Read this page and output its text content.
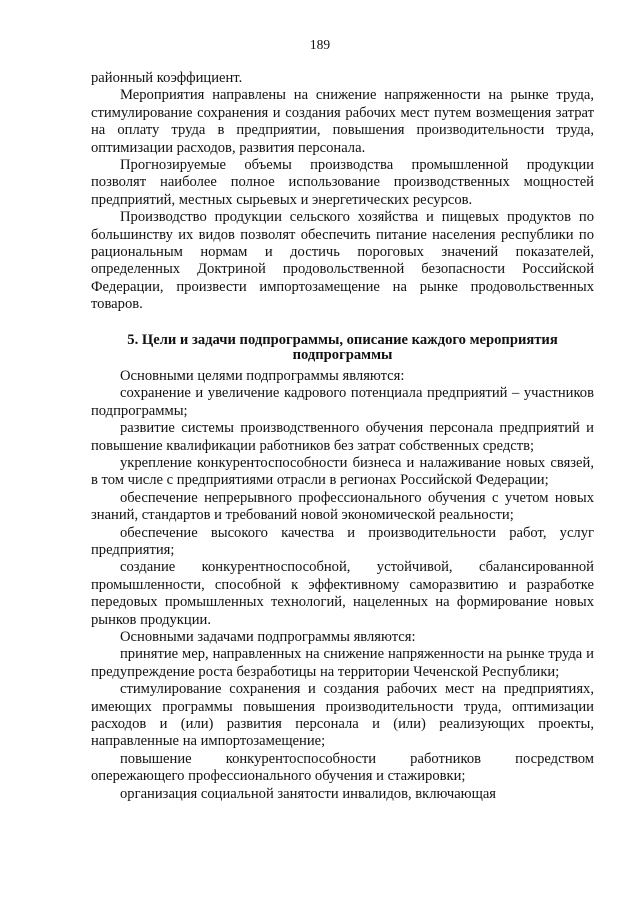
189

районный коэффициент.

Мероприятия направлены на снижение напряженности на рынке труда, стимулирование сохранения и создания рабочих мест путем возмещения затрат на оплату труда в предприятии, повышения производительности труда, оптимизации расходов, развития персонала.

Прогнозируемые объемы производства промышленной продукции позволят наиболее полное использование производственных мощностей предприятий, местных сырьевых и энергетических ресурсов.

Производство продукции сельского хозяйства и пищевых продуктов по большинству их видов позволят обеспечить питание населения республики по рациональным нормам и достичь пороговых значений показателей, определенных Доктриной продовольственной безопасности Российской Федерации, произвести импортозамещение на рынке продовольственных товаров.

5. Цели и задачи подпрограммы, описание каждого мероприятия
подпрограммы

Основными целями подпрограммы являются:

сохранение и увеличение кадрового потенциала предприятий – участников подпрограммы;

развитие системы производственного обучения персонала предприятий и повышение квалификации работников без затрат собственных средств;

укрепление конкурентоспособности бизнеса и налаживание новых связей, в том числе с предприятиями отрасли в регионах Российской Федерации;

обеспечение непрерывного профессионального обучения с учетом новых знаний, стандартов и требований новой экономической реальности;

обеспечение высокого качества и производительности работ, услуг предприятия;

создание конкурентноспособной, устойчивой, сбалансированной промышленности, способной к эффективному саморазвитию и разработке передовых промышленных технологий, нацеленных на формирование новых рынков продукции.

Основными задачами подпрограммы являются:

принятие мер, направленных на снижение напряженности на рынке труда и предупреждение роста безработицы на территории Чеченской Республики;

стимулирование сохранения и создания рабочих мест на предприятиях, имеющих программы повышения производительности труда, оптимизации расходов и (или) развития персонала и (или) реализующих проекты, направленные на импортозамещение;

повышение конкурентоспособности работников посредством опережающего профессионального обучения и стажировки;

организация социальной занятости инвалидов, включающая
